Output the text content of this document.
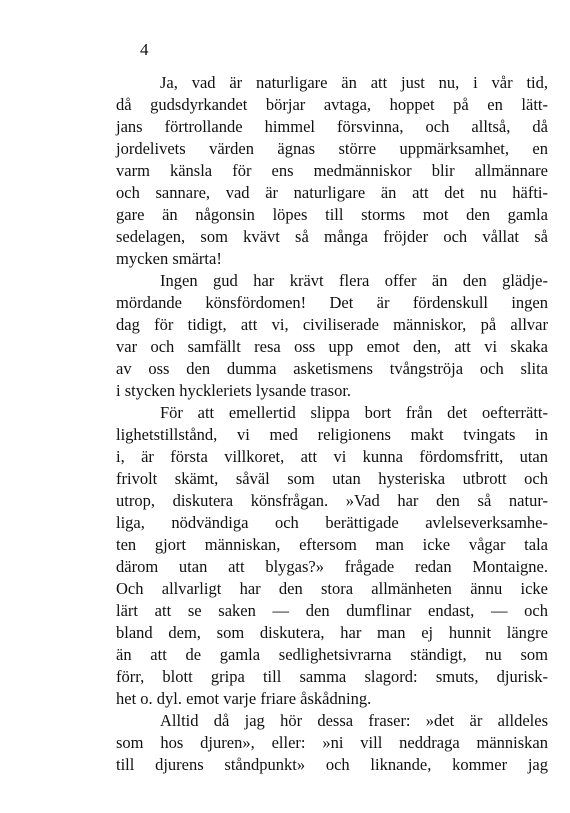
4
Ja, vad är naturligare än att just nu, i vår tid,
då gudsdyrkandet börjar avtaga, hoppet på en lätt-
jans förtrollande himmel försvinna, och alltså, då
jordelivets värden ägnas större uppmärksamhet, en
varm känsla för ens medmänniskor blir allmännare
och sannare, vad är naturligare än att det nu häfti-
gare än någonsin löpes till storms mot den gamla
sedelagen, som kvävt så många fröjder och vållat så
mycken smärta!
Ingen gud har krävt flera offer än den glädje-
mördande könsfördomen! Det är fördenskull ingen
dag för tidigt, att vi, civiliserade människor, på allvar
var och samfällt resa oss upp emot den, att vi skaka
av oss den dumma asketismens tvångströja och slita
i stycken hyckleriets lysande trasor.
För att emellertid slippa bort från det oefterrätt-
lighetstillstånd, vi med religionens makt tvingats in
i, är första villkoret, att vi kunna fördomsfritt, utan
frivolt skämt, såväl som utan hysteriska utbrott och
utrop, diskutera könsfrågan. »Vad har den så natur-
liga, nödvändiga och berättigade avlelseverksamhe-
ten gjort människan, eftersom man icke vågar tala
därom utan att blygas?» frågade redan Montaigne.
Och allvarligt har den stora allmänheten ännu icke
lärt att se saken — den dumflinar endast, — och
bland dem, som diskutera, har man ej hunnit längre
än att de gamla sedlighetsivrarna ständigt, nu som
förr, blott gripa till samma slagord: smuts, djurisk-
het o. dyl. emot varje friare åskådning.
Alltid då jag hör dessa fraser: »det är alldeles
som hos djuren», eller: »ni vill neddraga människan
till djurens ståndpunkt» och liknande, kommer jag
